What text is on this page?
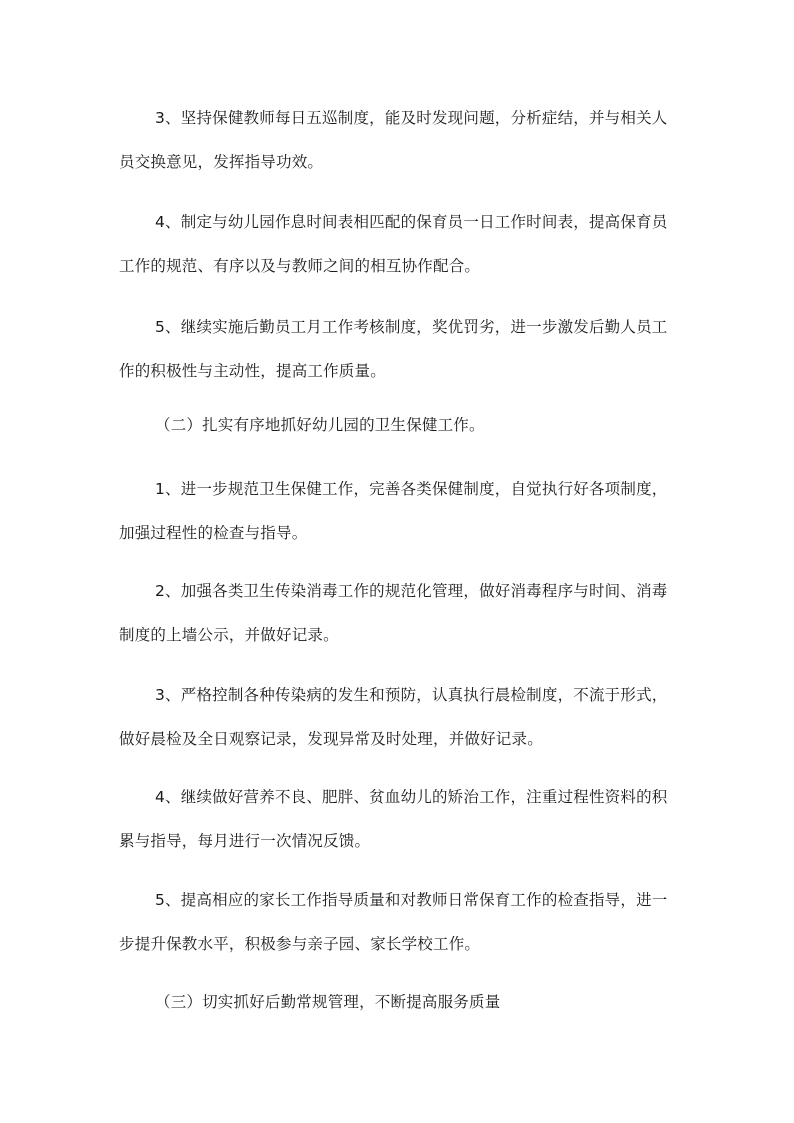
3、坚持保健教师每日五巡制度，能及时发现问题，分析症结，并与相关人员交换意见，发挥指导功效。

4、制定与幼儿园作息时间表相匹配的保育员一日工作时间表，提高保育员工作的规范、有序以及与教师之间的相互协作配合。

5、继续实施后勤员工月工作考核制度，奖优罚劣，进一步激发后勤人员工作的积极性与主动性，提高工作质量。

（二）扎实有序地抓好幼儿园的卫生保健工作。

1、进一步规范卫生保健工作，完善各类保健制度，自觉执行好各项制度，加强过程性的检查与指导。

2、加强各类卫生传染消毒工作的规范化管理，做好消毒程序与时间、消毒制度的上墙公示，并做好记录。

3、严格控制各种传染病的发生和预防，认真执行晨检制度，不流于形式，做好晨检及全日观察记录，发现异常及时处理，并做好记录。

4、继续做好营养不良、肥胖、贫血幼儿的矫治工作，注重过程性资料的积累与指导，每月进行一次情况反馈。

5、提高相应的家长工作指导质量和对教师日常保育工作的检查指导，进一步提升保教水平，积极参与亲子园、家长学校工作。

（三）切实抓好后勤常规管理，不断提高服务质量
